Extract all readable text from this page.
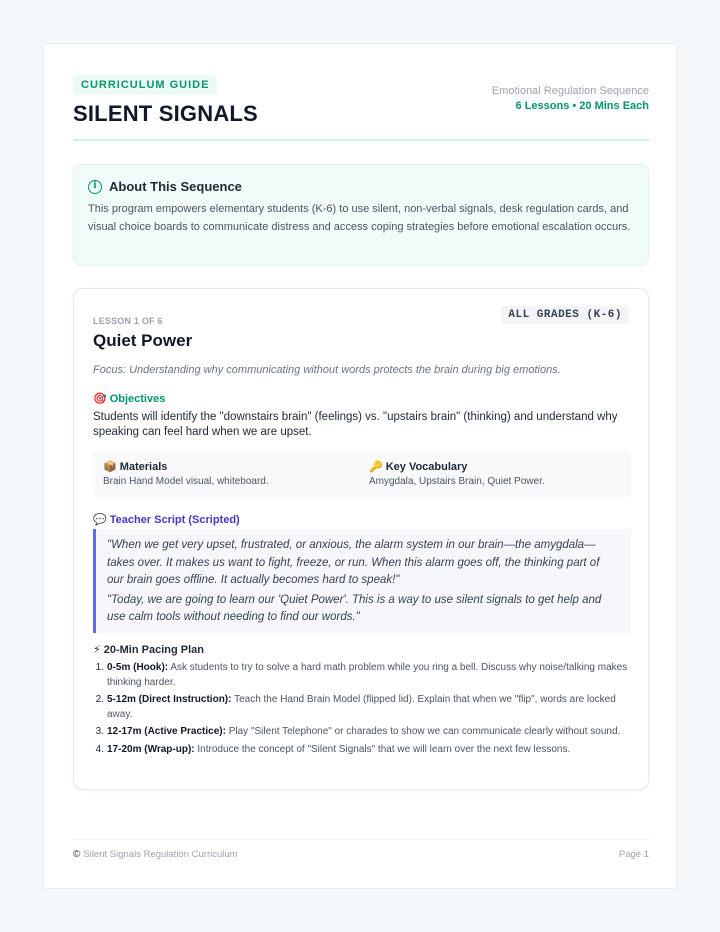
CURRICULUM GUIDE
SILENT SIGNALS
Emotional Regulation Sequence
6 Lessons • 20 Mins Each
i About This Sequence

This program empowers elementary students (K-6) to use silent, non-verbal signals, desk regulation cards, and visual choice boards to communicate distress and access coping strategies before emotional escalation occurs.

LESSON 1 OF 6	ALL GRADES (K-6)
Quiet Power
Focus: Understanding why communicating without words protects the brain during big emotions.
🎯 Objectives
Students will identify the "downstairs brain" (feelings) vs. "upstairs brain" (thinking) and understand why speaking can feel hard when we are upset.
📦 Materials
Brain Hand Model visual, whiteboard.
🔑 Key Vocabulary
Amygdala, Upstairs Brain, Quiet Power.
💬 Teacher Script (Scripted)

"When we get very upset, frustrated, or anxious, the alarm system in our brain—the amygdala—takes over. It makes us want to fight, freeze, or run. When this alarm goes off, the thinking part of our brain goes offline. It actually becomes hard to speak!"

"Today, we are going to learn our 'Quiet Power'. This is a way to use silent signals to get help and use calm tools without needing to find our words."

⚡ 20-Min Pacing Plan
1. 0-5m (Hook): Ask students to try to solve a hard math problem while you ring a bell. Discuss why noise/talking makes thinking harder.
2. 5-12m (Direct Instruction): Teach the Hand Brain Model (flipped lid). Explain that when we "flip", words are locked away.
3. 12-17m (Active Practice): Play "Silent Telephone" or charades to show we can communicate clearly without sound.
4. 17-20m (Wrap-up): Introduce the concept of "Silent Signals" that we will learn over the next few lessons.
© Silent Signals Regulation Curriculum	Page 1
